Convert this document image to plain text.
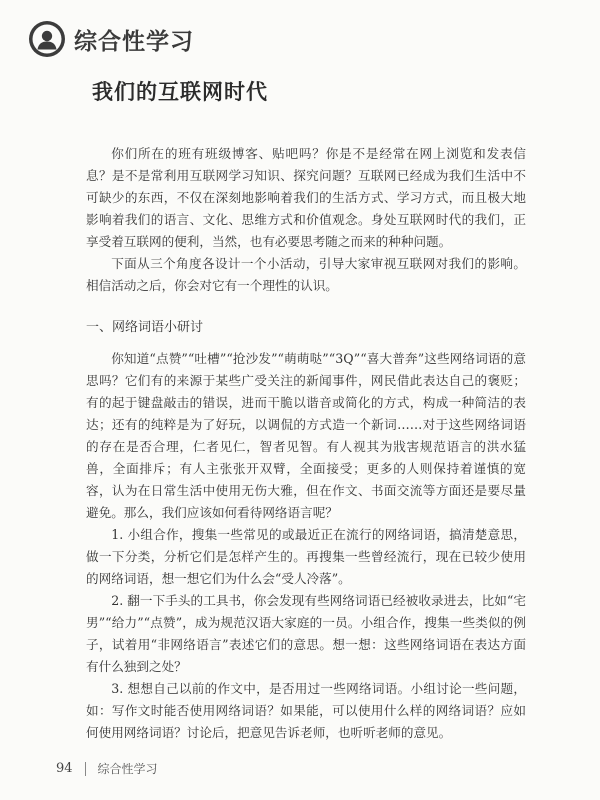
综合性学习
我们的互联网时代

你们所在的班有班级博客、贴吧吗？你是不是经常在网上浏览和发表信息？是不是常利用互联网学习知识、探究问题？互联网已经成为我们生活中不可缺少的东西，不仅在深刻地影响着我们的生活方式、学习方式，而且极大地影响着我们的语言、文化、思维方式和价值观念。身处互联网时代的我们，正享受着互联网的便利，当然，也有必要思考随之而来的种种问题。

下面从三个角度各设计一个小活动，引导大家审视互联网对我们的影响。相信活动之后，你会对它有一个理性的认识。

一、网络词语小研讨

你知道“点赞”“吐槽”“抢沙发”“萌萌哒”“3Q”“喜大普奔”这些网络词语的意思吗？它们有的来源于某些广受关注的新闻事件，网民借此表达自己的褒贬；有的起于键盘敲击的错误，进而干脆以谐音或简化的方式，构成一种简洁的表达；还有的纯粹是为了好玩，以调侃的方式造一个新词……对于这些网络词语的存在是否合理，仁者见仁，智者见智。有人视其为戕害规范语言的洪水猛兽，全面排斥；有人主张张开双臂，全面接受；更多的人则保持着谨慎的宽容，认为在日常生活中使用无伤大雅，但在作文、书面交流等方面还是要尽量避免。那么，我们应该如何看待网络语言呢？

1. 小组合作，搜集一些常见的或最近正在流行的网络词语，搞清楚意思，做一下分类，分析它们是怎样产生的。再搜集一些曾经流行，现在已较少使用的网络词语，想一想它们为什么会“受人冷落”。

2. 翻一下手头的工具书，你会发现有些网络词语已经被收录进去，比如“宅男”“给力”“点赞”，成为规范汉语大家庭的一员。小组合作，搜集一些类似的例子，试着用“非网络语言”表述它们的意思。想一想：这些网络词语在表达方面有什么独到之处？

3. 想想自己以前的作文中，是否用过一些网络词语。小组讨论一些问题，如：写作文时能否使用网络词语？如果能，可以使用什么样的网络词语？应如何使用网络词语？讨论后，把意见告诉老师，也听听老师的意见。

94 综合性学习
